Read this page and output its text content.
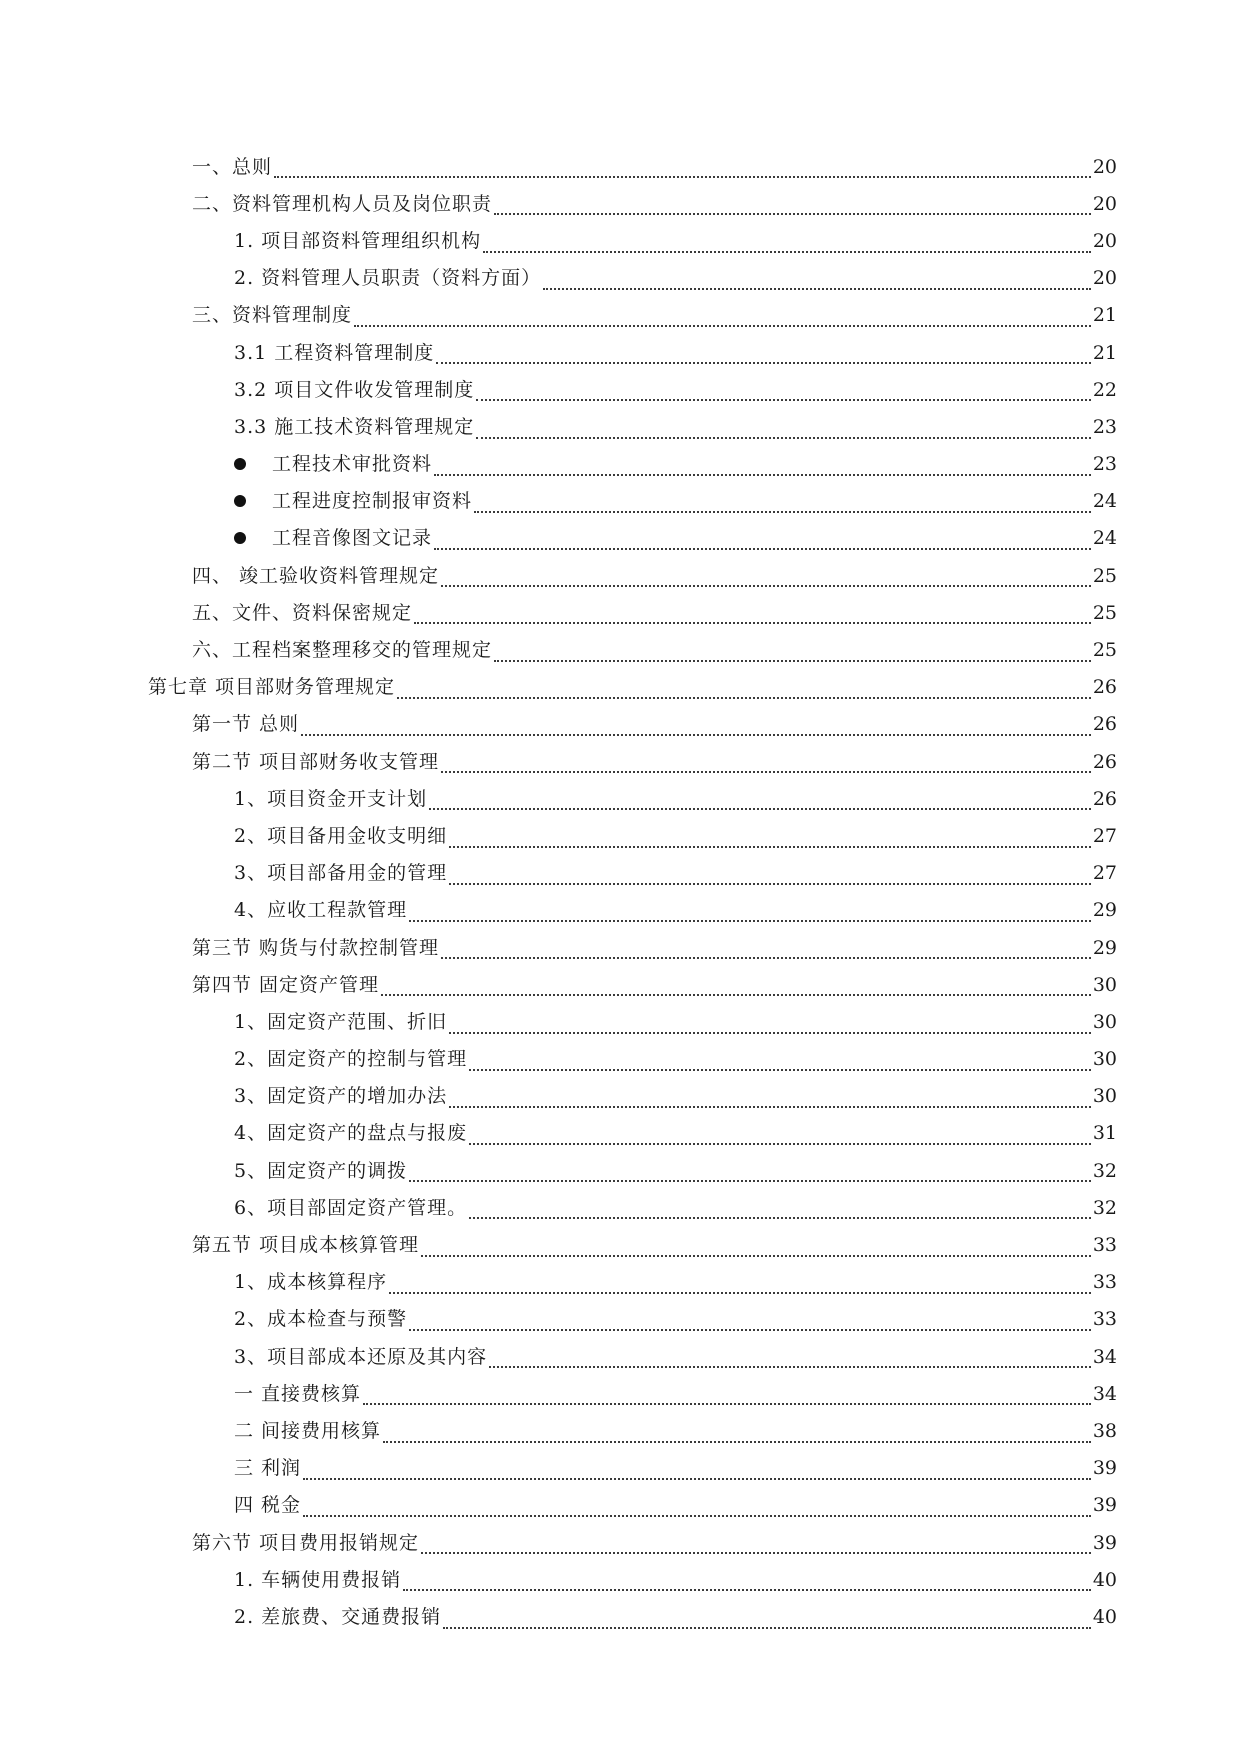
一、总则	20
二、资料管理机构人员及岗位职责	20
1. 项目部资料管理组织机构	20
2. 资料管理人员职责（资料方面）	20
三、资料管理制度	21
3.1 工程资料管理制度	21
3.2 项目文件收发管理制度	22
3.3 施工技术资料管理规定	23
工程技术审批资料	23
工程进度控制报审资料	24
工程音像图文记录	24
四、 竣工验收资料管理规定	25
五、文件、资料保密规定	25
六、工程档案整理移交的管理规定	25
第七章 项目部财务管理规定	26
第一节 总则	26
第二节 项目部财务收支管理	26
1、项目资金开支计划	26
2、项目备用金收支明细	27
3、项目部备用金的管理	27
4、应收工程款管理	29
第三节 购货与付款控制管理	29
第四节 固定资产管理	30
1、固定资产范围、折旧	30
2、固定资产的控制与管理	30
3、固定资产的增加办法	30
4、固定资产的盘点与报废	31
5、固定资产的调拨	32
6、项目部固定资产管理。	32
第五节 项目成本核算管理	33
1、成本核算程序	33
2、成本检查与预警	33
3、项目部成本还原及其内容	34
一 直接费核算	34
二 间接费用核算	38
三 利润	39
四 税金	39
第六节 项目费用报销规定	39
1. 车辆使用费报销	40
2. 差旅费、交通费报销	40
